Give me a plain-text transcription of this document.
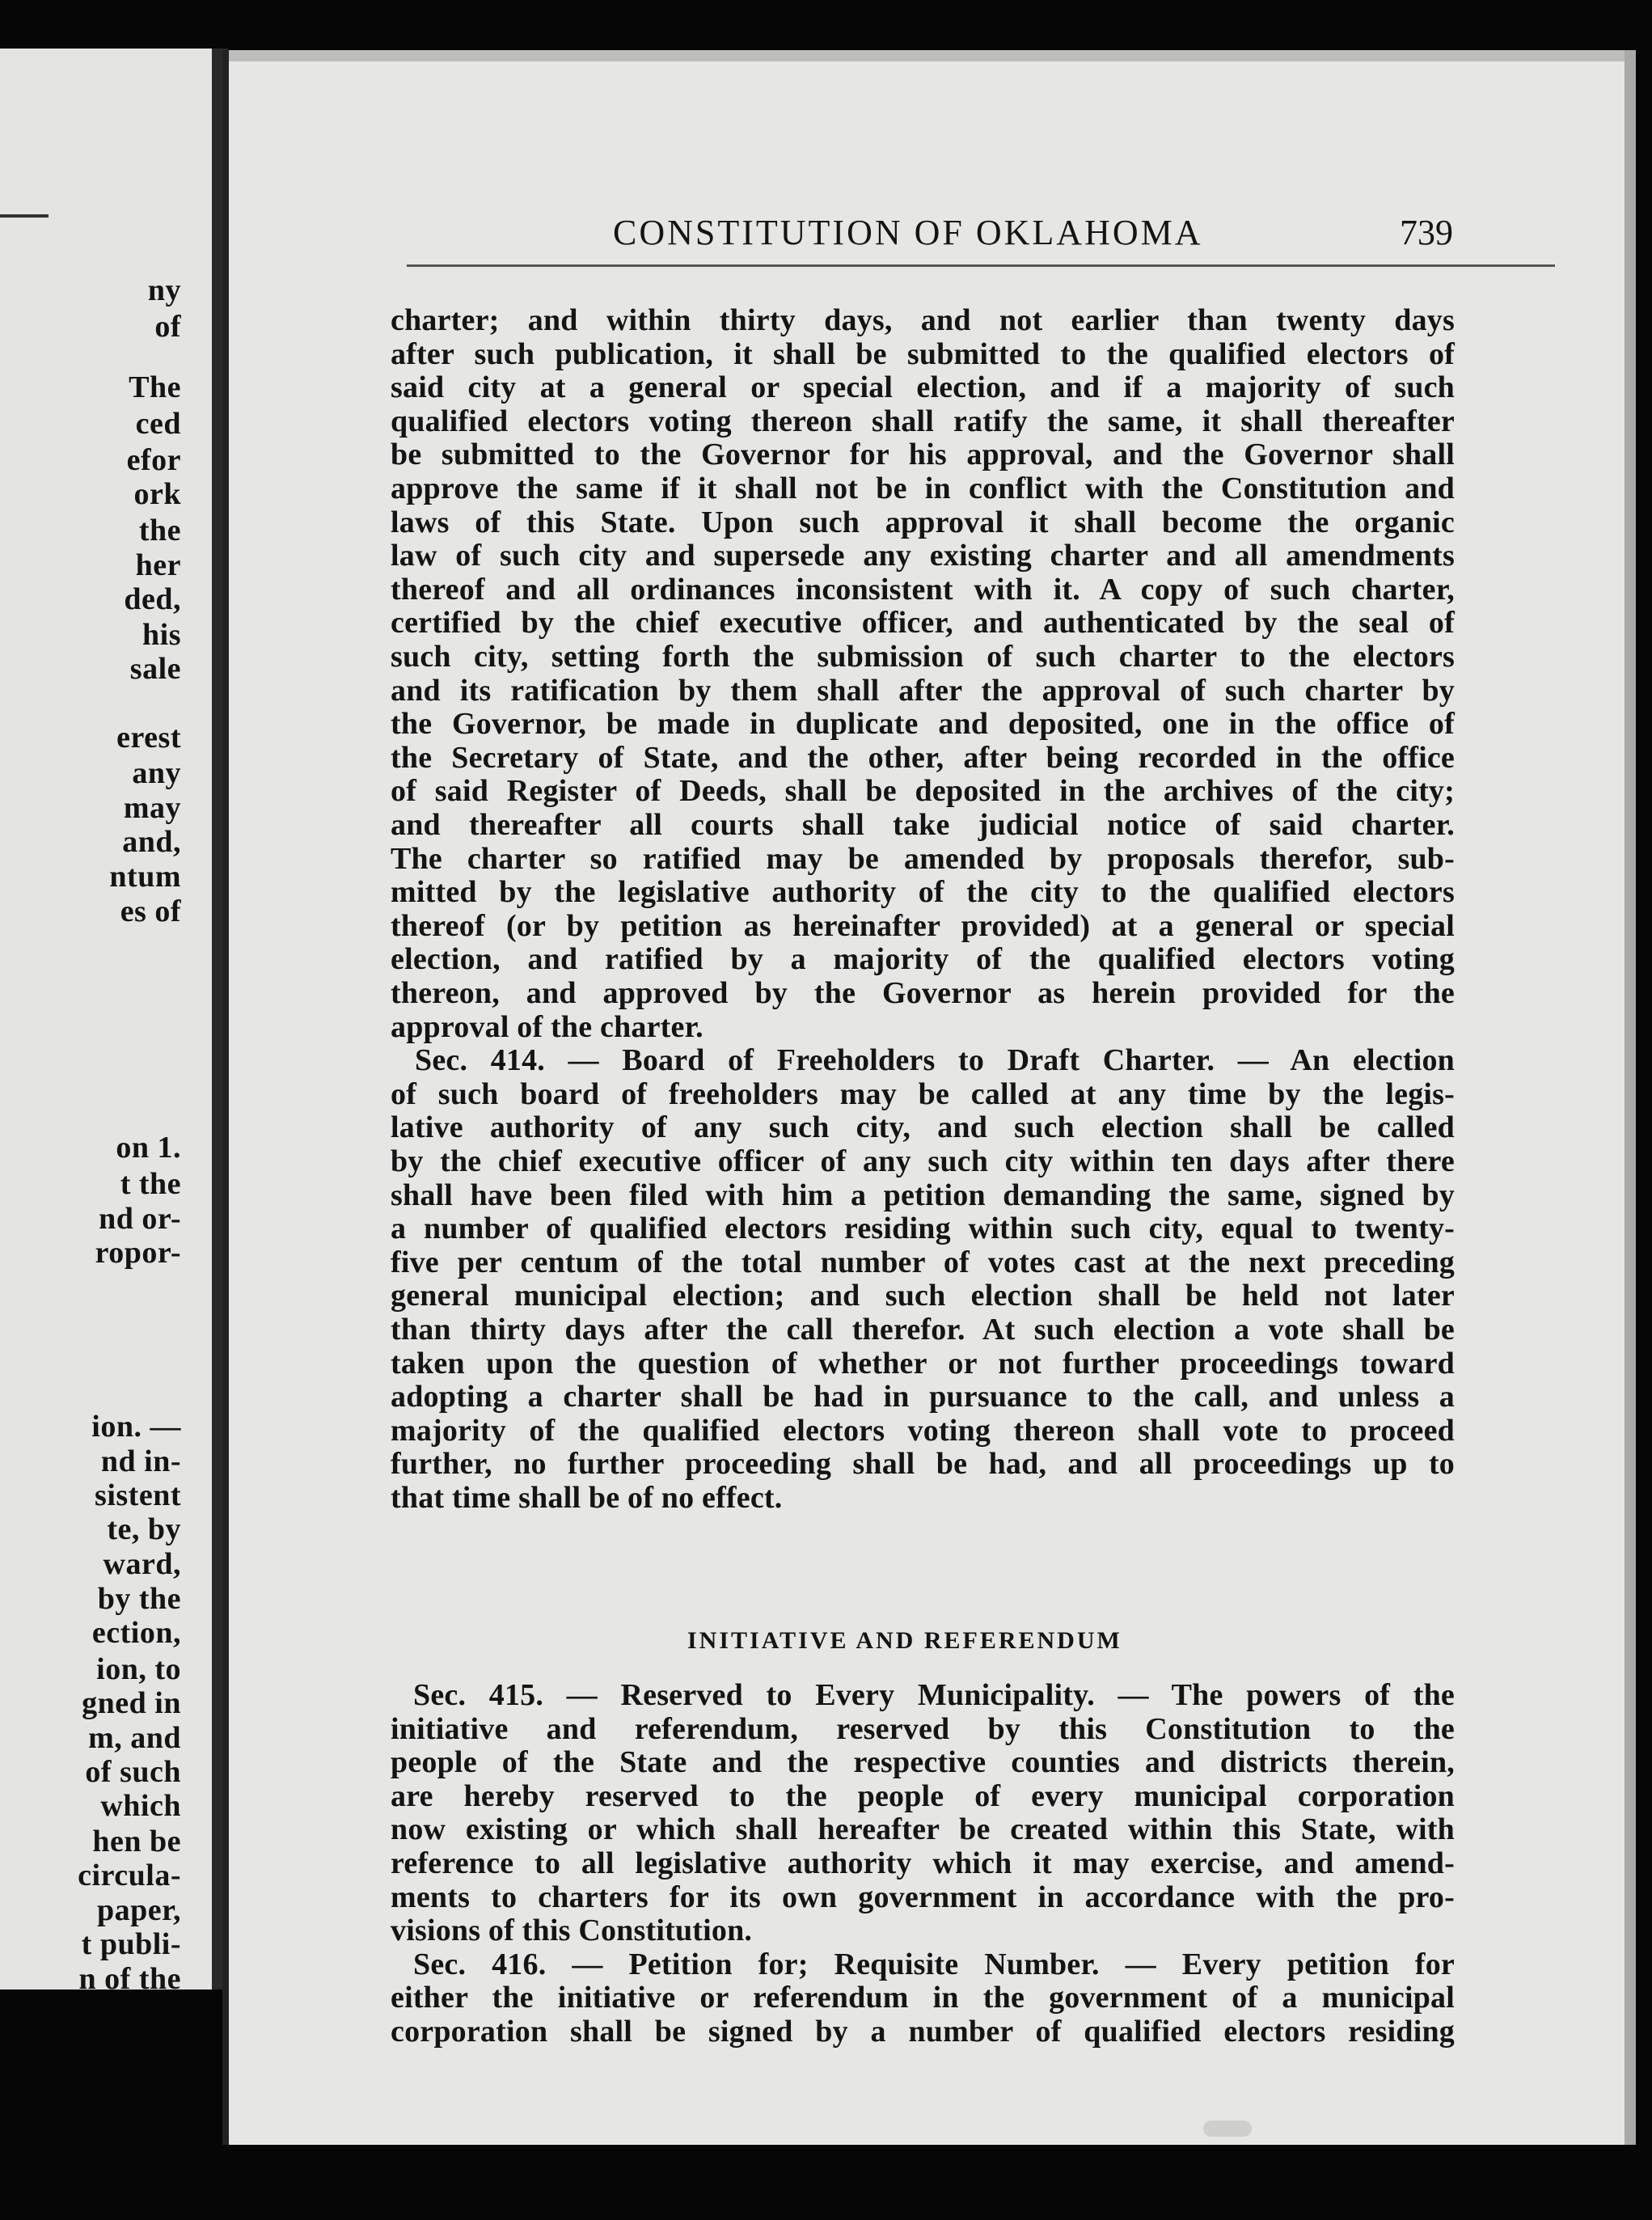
ny
of
The
ced
efor
ork
the
her
ded,
his
sale
erest
any
may
and,
ntum
es of
on 1.
t the
nd or-
ropor-
ion. —
nd in-
sistent
te, by
ward,
by the
ection,
ion, to
gned in
m, and
of such
which
hen be
circula-
paper,
t publi-
n of the
CONSTITUTION OF OKLAHOMA	739
charter; and within thirty days, and not earlier than twenty days
after such publication, it shall be submitted to the qualified electors of
said city at a general or special election, and if a majority of such
qualified electors voting thereon shall ratify the same, it shall thereafter
be submitted to the Governor for his approval, and the Governor shall
approve the same if it shall not be in conflict with the Constitution and
laws of this State. Upon such approval it shall become the organic
law of such city and supersede any existing charter and all amendments
thereof and all ordinances inconsistent with it. A copy of such charter,
certified by the chief executive officer, and authenticated by the seal of
such city, setting forth the submission of such charter to the electors
and its ratification by them shall after the approval of such charter by
the Governor, be made in duplicate and deposited, one in the office of
the Secretary of State, and the other, after being recorded in the office
of said Register of Deeds, shall be deposited in the archives of the city;
and thereafter all courts shall take judicial notice of said charter.
The charter so ratified may be amended by proposals therefor, sub-
mitted by the legislative authority of the city to the qualified electors
thereof (or by petition as hereinafter provided) at a general or special
election, and ratified by a majority of the qualified electors voting
thereon, and approved by the Governor as herein provided for the
approval of the charter.
Sec. 414. — Board of Freeholders to Draft Charter. — An election
of such board of freeholders may be called at any time by the legis-
lative authority of any such city, and such election shall be called
by the chief executive officer of any such city within ten days after there
shall have been filed with him a petition demanding the same, signed by
a number of qualified electors residing within such city, equal to twenty-
five per centum of the total number of votes cast at the next preceding
general municipal election; and such election shall be held not later
than thirty days after the call therefor. At such election a vote shall be
taken upon the question of whether or not further proceedings toward
adopting a charter shall be had in pursuance to the call, and unless a
majority of the qualified electors voting thereon shall vote to proceed
further, no further proceeding shall be had, and all proceedings up to
that time shall be of no effect.
INITIATIVE AND REFERENDUM
Sec. 415. — Reserved to Every Municipality. — The powers of the
initiative and referendum, reserved by this Constitution to the
people of the State and the respective counties and districts therein,
are hereby reserved to the people of every municipal corporation
now existing or which shall hereafter be created within this State, with
reference to all legislative authority which it may exercise, and amend-
ments to charters for its own government in accordance with the pro-
visions of this Constitution.
Sec. 416. — Petition for; Requisite Number. — Every petition for
either the initiative or referendum in the government of a municipal
corporation shall be signed by a number of qualified electors residing
